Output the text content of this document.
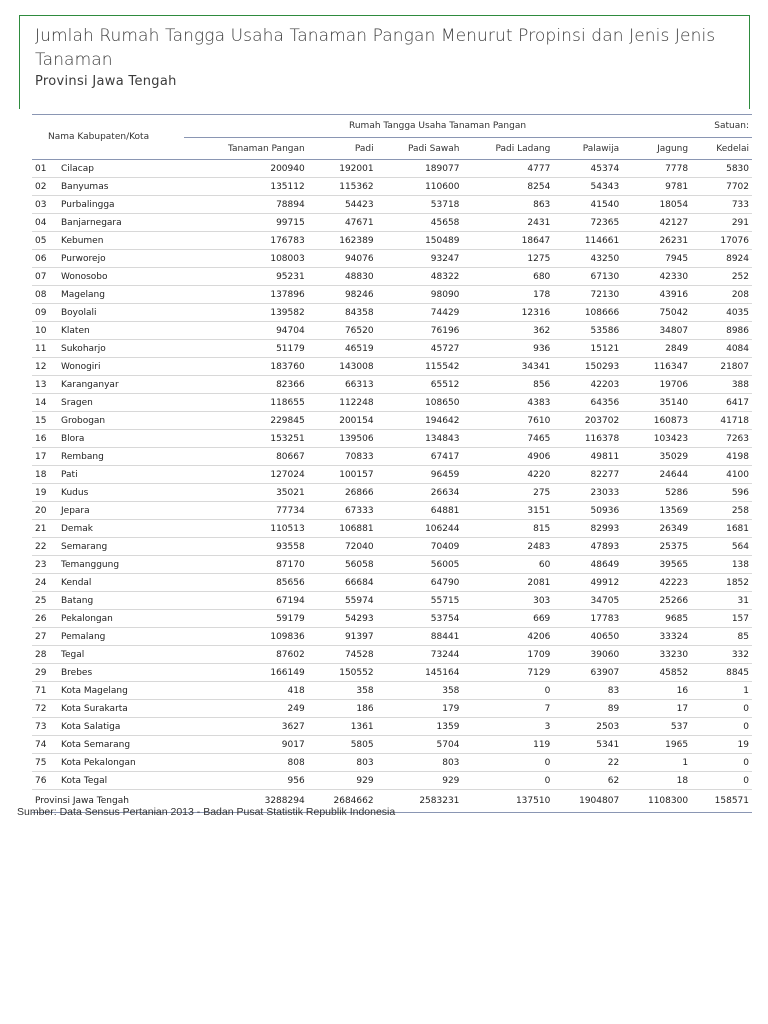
Jumlah Rumah Tangga Usaha Tanaman Pangan Menurut Propinsi dan Jenis Jenis Tanaman
Provinsi Jawa Tengah
Nama Kabupaten/Kota		Rumah Tangga Usaha Tanaman Pangan						Satuan:
		Tanaman Pangan	Padi	Padi Sawah	Padi Ladang	Palawija	Jagung	Kedelai
01	Cilacap	200940	192001	189077	4777	45374	7778	5830
02	Banyumas	135112	115362	110600	8254	54343	9781	7702
03	Purbalingga	78894	54423	53718	863	41540	18054	733
04	Banjarnegara	99715	47671	45658	2431	72365	42127	291
05	Kebumen	176783	162389	150489	18647	114661	26231	17076
06	Purworejo	108003	94076	93247	1275	43250	7945	8924
07	Wonosobo	95231	48830	48322	680	67130	42330	252
08	Magelang	137896	98246	98090	178	72130	43916	208
09	Boyolali	139582	84358	74429	12316	108666	75042	4035
10	Klaten	94704	76520	76196	362	53586	34807	8986
11	Sukoharjo	51179	46519	45727	936	15121	2849	4084
12	Wonogiri	183760	143008	115542	34341	150293	116347	21807
13	Karanganyar	82366	66313	65512	856	42203	19706	388
14	Sragen	118655	112248	108650	4383	64356	35140	6417
15	Grobogan	229845	200154	194642	7610	203702	160873	41718
16	Blora	153251	139506	134843	7465	116378	103423	7263
17	Rembang	80667	70833	67417	4906	49811	35029	4198
18	Pati	127024	100157	96459	4220	82277	24644	4100
19	Kudus	35021	26866	26634	275	23033	5286	596
20	Jepara	77734	67333	64881	3151	50936	13569	258
21	Demak	110513	106881	106244	815	82993	26349	1681
22	Semarang	93558	72040	70409	2483	47893	25375	564
23	Temanggung	87170	56058	56005	60	48649	39565	138
24	Kendal	85656	66684	64790	2081	49912	42223	1852
25	Batang	67194	55974	55715	303	34705	25266	31
26	Pekalongan	59179	54293	53754	669	17783	9685	157
27	Pemalang	109836	91397	88441	4206	40650	33324	85
28	Tegal	87602	74528	73244	1709	39060	33230	332
29	Brebes	166149	150552	145164	7129	63907	45852	8845
71	Kota Magelang	418	358	358	0	83	16	1
72	Kota Surakarta	249	186	179	7	89	17	0
73	Kota Salatiga	3627	1361	1359	3	2503	537	0
74	Kota Semarang	9017	5805	5704	119	5341	1965	19
75	Kota Pekalongan	808	803	803	0	22	1	0
76	Kota Tegal	956	929	929	0	62	18	0
Provinsi Jawa Tengah		3288294	2684662	2583231	137510	1904807	1108300	158571
Sumber: Data Sensus Pertanian 2013 - Badan Pusat Statistik Republik Indonesia
